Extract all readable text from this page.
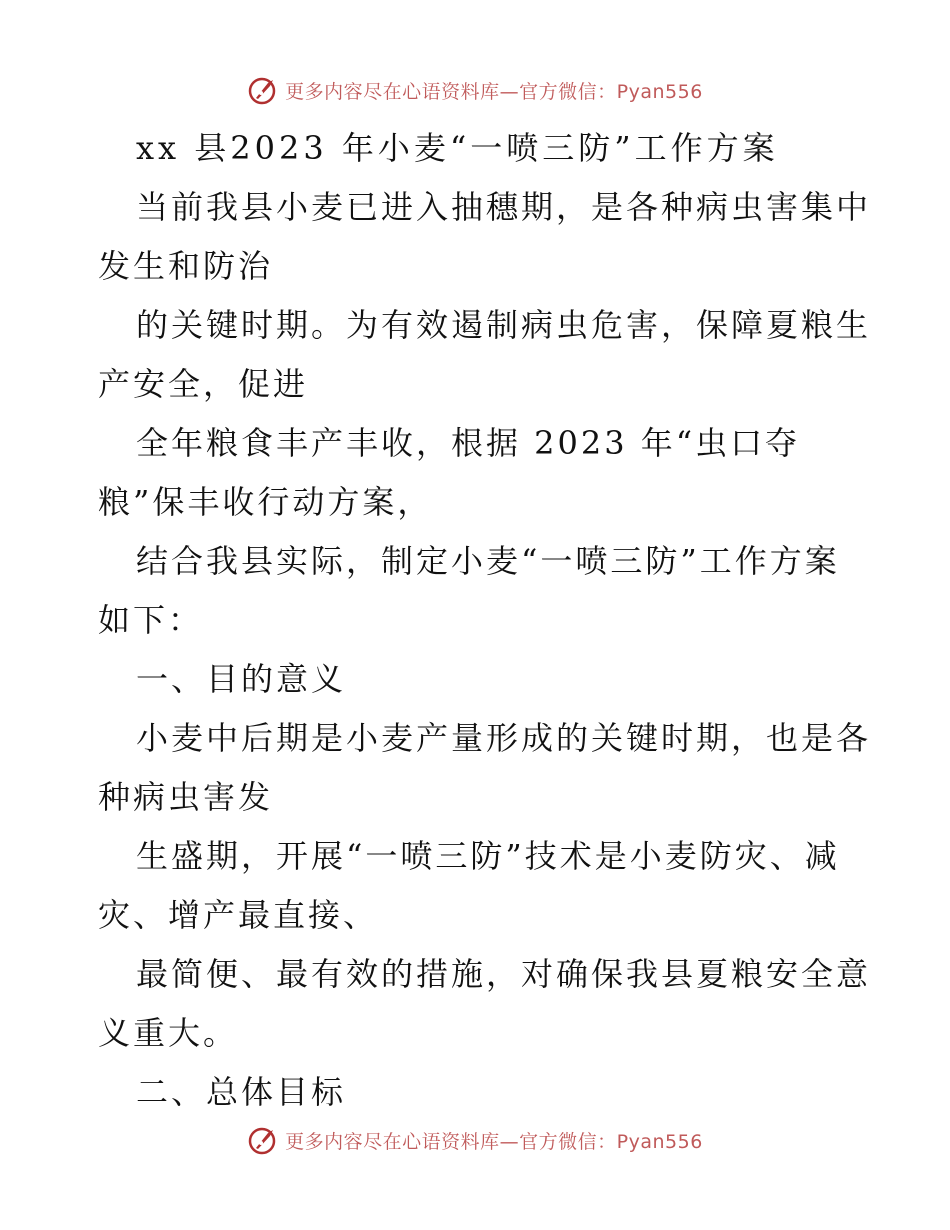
更多内容尽在心语资料库—官方微信：Pyan556
xx 县2023 年小麦“一喷三防”工作方案
当前我县小麦已进入抽穗期，是各种病虫害集中
发生和防治
的关键时期。为有效遏制病虫危害，保障夏粮生
产安全，促进
全年粮食丰产丰收，根据 2023 年“虫口夺
粮”保丰收行动方案，
结合我县实际，制定小麦“一喷三防”工作方案
如下：
一、目的意义
小麦中后期是小麦产量形成的关键时期，也是各
种病虫害发
生盛期，开展“一喷三防”技术是小麦防灾、减
灾、增产最直接、
最简便、最有效的措施，对确保我县夏粮安全意
义重大。
二、总体目标
更多内容尽在心语资料库—官方微信：Pyan556
